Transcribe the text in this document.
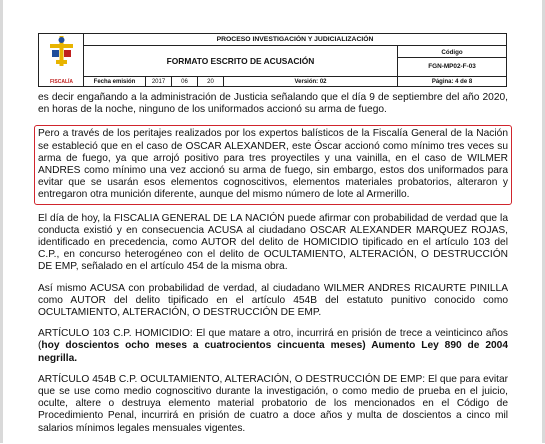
FISCALÍA	PROCESO INVESTIGACIÓN Y JUDICIALIZACIÓN					
	FORMATO ESCRITO DE ACUSACIÓN					Código
FGN-MP02-F-03

	Fecha emisión	2017	06	20	Versión: 02	Página: 4 de 8

es decir engañando a la administración de Justicia señalando que el día 9 de septiembre del año 2020, en horas de la noche, ninguno de los uniformados accionó su arma de fuego.

Pero a través de los peritajes realizados por los expertos balísticos de la Fiscalía General de la Nación se estableció que en el caso de OSCAR ALEXANDER, este Óscar accionó como mínimo tres veces su arma de fuego, ya que arrojó positivo para tres proyectiles y una vainilla, en el caso de WILMER ANDRES como mínimo una vez accionó su arma de fuego, sin embargo, estos dos uniformados para evitar que se usarán esos elementos cognoscitivos, elementos materiales probatorios, alteraron y entregaron otra munición diferente, aunque del mismo número de lote al Armerillo.

El día de hoy, la FISCALIA GENERAL DE LA NACIÓN puede afirmar con probabilidad de verdad que la conducta existió y en consecuencia ACUSA al ciudadano OSCAR ALEXANDER MARQUEZ ROJAS, identificado en precedencia, como AUTOR del delito de HOMICIDIO tipificado en el artículo 103 del C.P., en concurso heterogéneo con el delito de OCULTAMIENTO, ALTERACIÓN, O DESTRUCCIÓN DE EMP, señalado en el artículo 454 de la misma obra.

Así mismo ACUSA con probabilidad de verdad, al ciudadano WILMER ANDRES RICAURTE PINILLA como AUTOR del delito tipificado en el artículo 454B del estatuto punitivo conocido como OCULTAMIENTO, ALTERACIÓN, O DESTRUCCIÓN DE EMP.

ARTÍCULO 103 C.P. HOMICIDIO: El que matare a otro, incurrirá en prisión de trece a veinticinco años (hoy doscientos ocho meses a cuatrocientos cincuenta meses) Aumento Ley 890 de 2004 negrilla.

ARTÍCULO 454B C.P. OCULTAMIENTO, ALTERACIÓN, O DESTRUCCIÓN DE EMP: El que para evitar que se use como medio cognoscitivo durante la investigación, o como medio de prueba en el juicio, oculte, altere o destruya elemento material probatorio de los mencionados en el Código de Procedimiento Penal, incurrirá en prisión de cuatro a doce años y multa de doscientos a cinco mil salarios mínimos legales mensuales vigentes.
